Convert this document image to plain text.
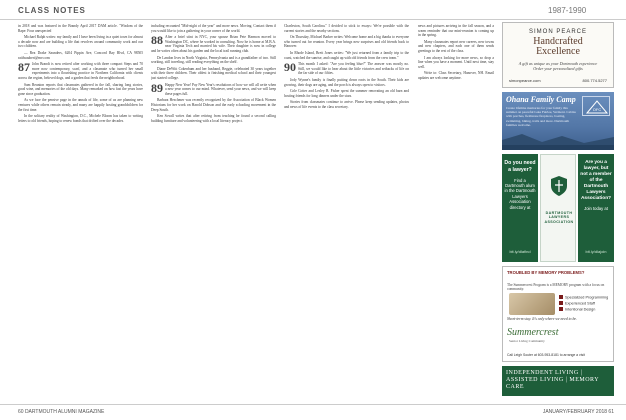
CLASS NOTES	1987-1990

in 2018 and was featured in the Brandy April 2017 DAM article. "Wisdom of the Rape: Four unexpected

Michael Ralph writes: my family and I have been living in a quiet town for almost a decade now and are building a life that revolves around community work and our two children.

— Rea Drake Saunders, 6204 Pippin Ave, Concord Bay Blvd, CA 98505 raithsaubert@me.com

87 John Brandt is now retired after working with three compact Steps and 70 more now contemporary, scarf, and a classmate who turned her small experiments into a flourishing practice in Northern California with clients across the region, beloved dogs, and a garden that feeds the neighborhood.

Sam Reunion reports that classmates gathered in the fall, sharing long stories, good wine, and memories of the old days. Many remarked on how fast the years have gone since graduation.

As we face the pensive page in the annals of life, some of us are planning new ventures while others remain steady, and many are happily hosting grandchildren for the first time.

In the solitary reality of Washington, D.C., Michele Bloom has taken to writing letters to old friends, hoping to renew bonds that drifted over the decades.

including recounted "Mid-night of the year" and more news. Moving. Contact them if you would like to join a gathering in your corner of the world.

88 After a brief stint in NYC, your spouse Brian Pete Harmon moved to Washington DC, where he worked in consulting. Now he is home at M.B.A. near Virginia Tech and married his wife. Their daughter is now in college and he writes often about his garden and the local trail running club.

De Landon lives in North Virginia, Pennsylvania and is a grandfather of two. Still working, still traveling, still reading everything on the shelf.

Diane DeWitt Cokenbum and her husband, Reggie, celebrated 30 years together with their three children. Their oldest is finishing medical school and their youngest just started college.

89 Happy New Year! Pay New Year's resolutions of how we will all write when a new year comes to our mind. Whatever, send your news, and we will keep these pages full.

Barbara Heschmer was recently recognized by the Association of Black Women Historians for her work on Harold Dobson and the early schooling movement in the Deep South.

Ken Sovall writes that after retiring from teaching he found a second calling building furniture and volunteering with a local literacy project.

Charleston, South Carolina." I decided to stick to essays: We're possible with the current stories and the nearby sections.

On Thursday, Michael Barker writes: Welcome home and a big thanks to everyone who turned out for reunion. Every year brings new surprises and old friends back to Hanover.

In Rhode Island, Brett Jones writes: "We just returned from a family trip to the coast, watched the sunrise, and caught up with old friends from the crew team."

90 This month I asked: "Are you feeling blue?" The answer was mostly no. Still, we would like to hear about the little victories and setbacks of life on the far side of our fifties.

Jody Wynne's family is finally putting down roots in the South. Their kids are growing, their dogs are aging, and the porch is always open to visitors.

Cole Cotter and Lesley B. Fisher spent the summer renovating an old barn and hosting friends for long dinners under the stars.

Stories from classmates continue to arrive. Please keep sending updates, photos and news of life events to the class secretary.

news and pictures arriving in the fall season, and a warm reminder that our mini-reunion is coming up in the spring.

Many classmates report new careers, new towns and new chapters, and each one of them sends greetings to the rest of the class.

I am always looking for more news, so drop a line when you have a moment. Until next time, stay well.

Write to: Class Secretary, Hanover, NH. Email updates are welcome anytime.

SIMON PEARCE
Handcrafted
Excellence
A gift as unique as your Dartmouth experience
Order your personalized gifts
simonpearce.com	800.774.5277
Ohana Family Camp
Create lifetime memories for your family this summer on peaceful Lake Fairlee, Vermont. Cabins with porches, fieldstone fireplaces, boating, swimming, biking, trails and more. Dartmouth families welcome.
OFC
Do you need a lawyer?
Find a Dartmouth alum in the Dartmouth Lawyers Association directory at
bit.ly/dlafind
DARTMOUTH
LAWYERS
ASSOCIATION
Are you a lawyer, but not a member of the Dartmouth Lawyers Association?
Join today at
bit.ly/dlajoin
TROUBLED BY MEMORY PROBLEMS?
The Summercrest Program is a MEMORY program with a focus on community.
Specialized Programming
Experienced Staff
Intentional Design
Short-term stay. It's only where we need to be.
Summercrest
Senior Living Community
Call Leigh Souter at 603-953-8181 to arrange a visit
INDEPENDENT LIVING | ASSISTED LIVING | MEMORY CARE
60 DARTMOUTH ALUMNI MAGAZINE	JANUARY/FEBRUARY 2018 61
